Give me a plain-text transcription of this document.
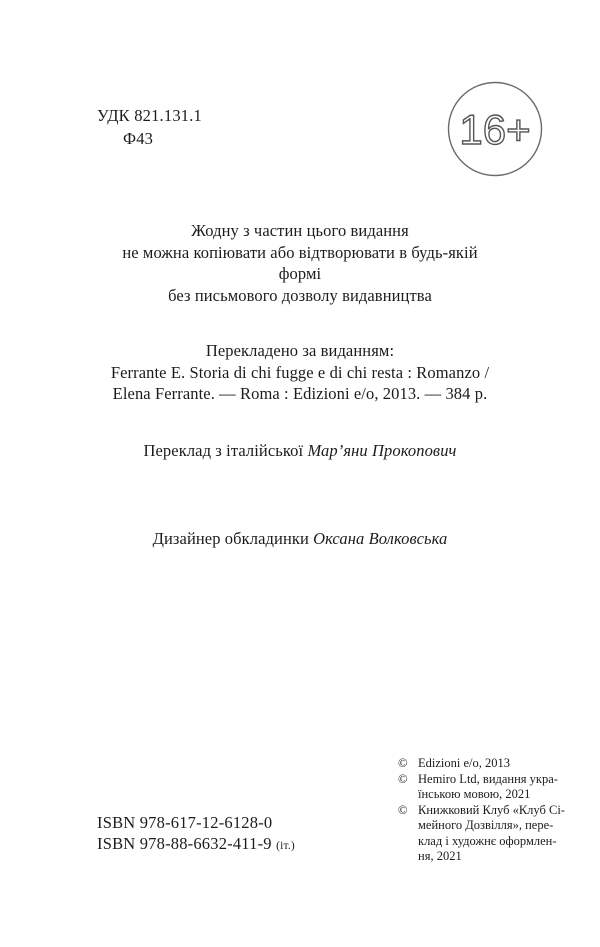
УДК 821.131.1
Ф43	16+
Жодну з частин цього видання
не можна копіювати або відтворювати в будь-якій формі
без письмового дозволу видавництва
Перекладено за виданням:
Ferrante E. Storia di chi fugge e di chi resta : Romanzo /
Elena Ferrante. — Roma : Edizioni e/o, 2013. — 384 p.
Переклад з італійської Мар’яни Прокопович
Дизайнер обкладинки Оксана Волковська
© Edizioni e/o, 2013
© Hemiro Ltd, видання укра-
їнською мовою, 2021
© Книжковий Клуб «Клуб Сі-
мейного Дозвілля», пере-
клад і художнє оформлен-
ня, 2021
ISBN 978-617-12-6128-0
ISBN 978-88-6632-411-9 (іт.)
